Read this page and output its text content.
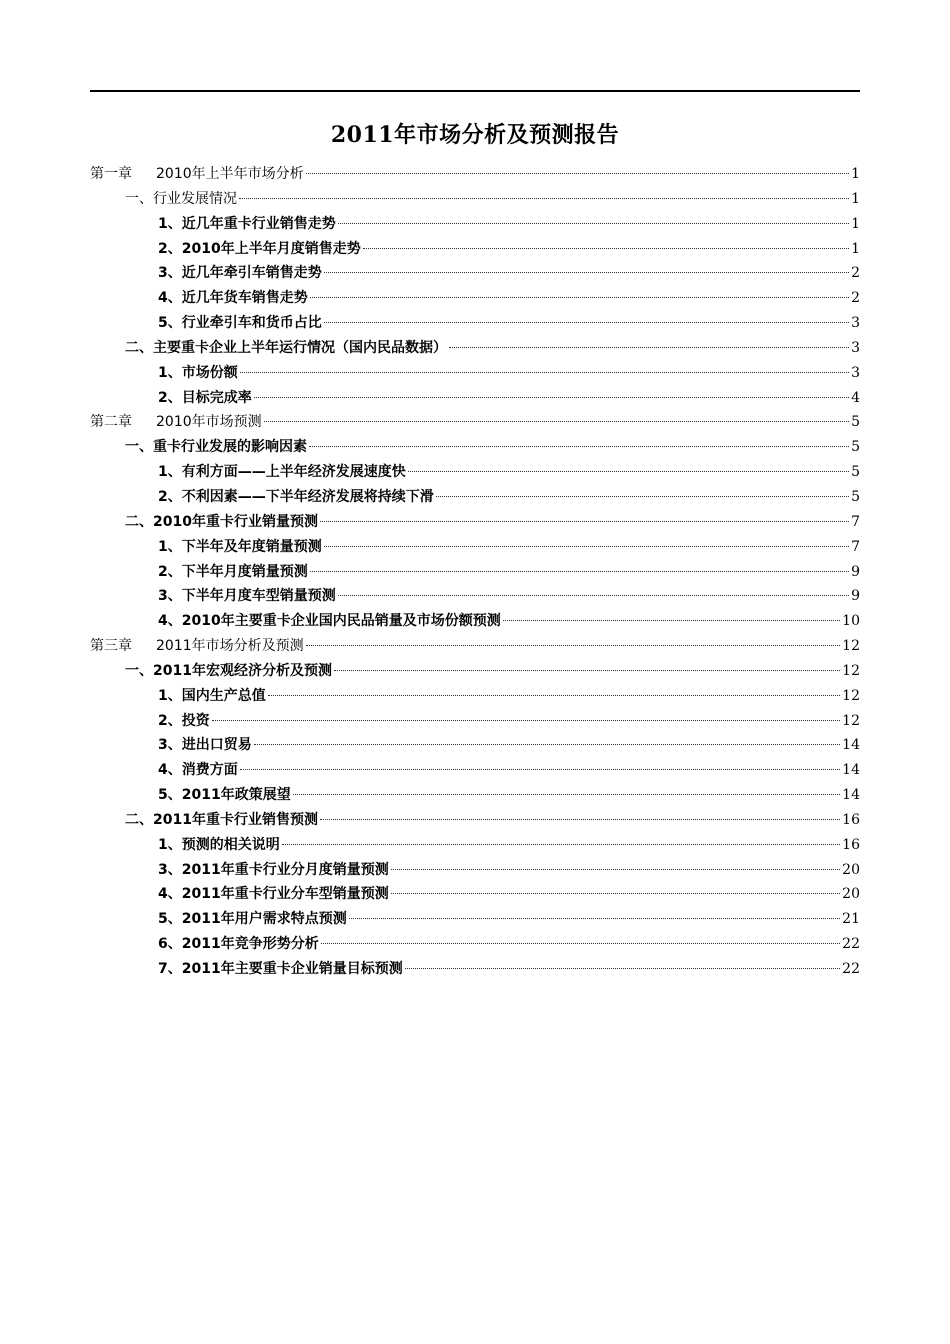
2011年市场分析及预测报告
第一章 2010年上半年市场分析	1
一、行业发展情况	1
1、近几年重卡行业销售走势	1
2、2010年上半年月度销售走势	1
3、近几年牵引车销售走势	2
4、近几年货车销售走势	2
5、行业牵引车和货币占比	3
二、主要重卡企业上半年运行情况（国内民品数据）	3
1、市场份额	3
2、目标完成率	4
第二章 2010年市场预测	5
一、重卡行业发展的影响因素	5
1、有利方面——上半年经济发展速度快	5
2、不利因素——下半年经济发展将持续下滑	5
二、2010年重卡行业销量预测	7
1、下半年及年度销量预测	7
2、下半年月度销量预测	9
3、下半年月度车型销量预测	9
4、2010年主要重卡企业国内民品销量及市场份额预测	10
第三章 2011年市场分析及预测	12
一、2011年宏观经济分析及预测	12
1、国内生产总值	12
2、投资	12
3、进出口贸易	14
4、消费方面	14
5、2011年政策展望	14
二、2011年重卡行业销售预测	16
1、预测的相关说明	16
3、2011年重卡行业分月度销量预测	20
4、2011年重卡行业分车型销量预测	20
5、2011年用户需求特点预测	21
6、2011年竞争形势分析	22
7、2011年主要重卡企业销量目标预测	22
